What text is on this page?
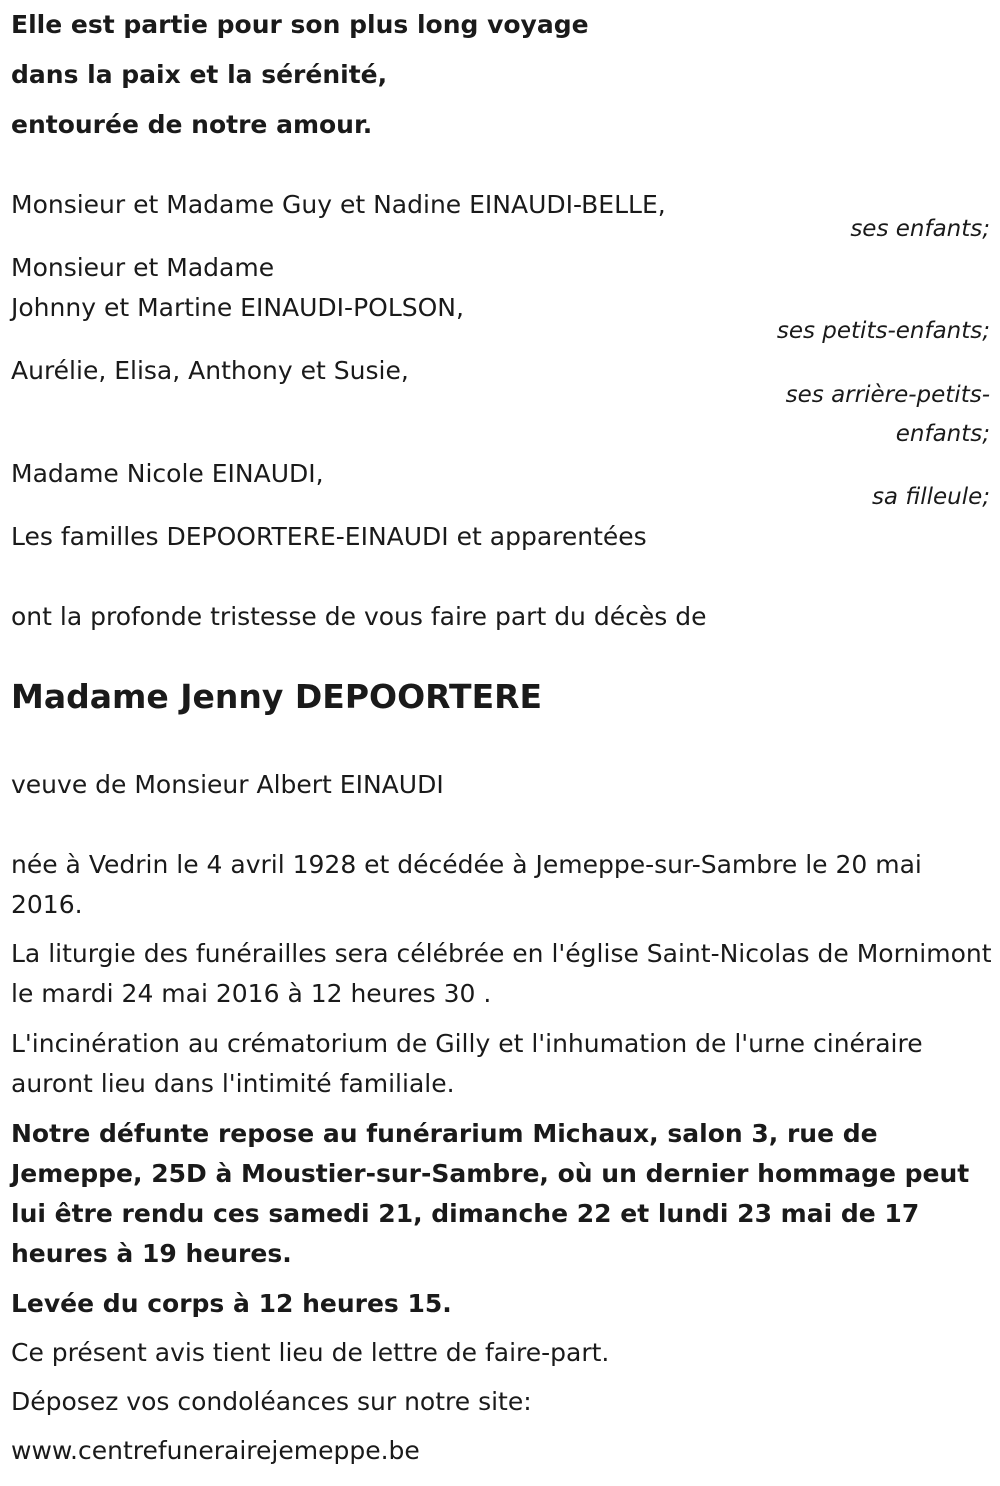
Elle est partie pour son plus long voyage
dans la paix et la sérénité,
entourée de notre amour.
Monsieur et Madame Guy et Nadine EINAUDI-BELLE,
ses enfants;
Monsieur et Madame
Johnny et Martine EINAUDI-POLSON,
ses petits-enfants;
Aurélie, Elisa, Anthony et Susie,
ses arrière-petits-
enfants;
Madame Nicole EINAUDI,
sa filleule;
Les familles DEPOORTERE-EINAUDI et apparentées
ont la profonde tristesse de vous faire part du décès de
Madame Jenny DEPOORTERE
veuve de Monsieur Albert EINAUDI

née à Vedrin le 4 avril 1928 et décédée à Jemeppe-sur-Sambre le 20 mai 2016.

La liturgie des funérailles sera célébrée en l'église Saint-Nicolas de Mornimont le mardi 24 mai 2016 à 12 heures 30 .

L'incinération au crématorium de Gilly et l'inhumation de l'urne cinéraire auront lieu dans l'intimité familiale.

Notre défunte repose au funérarium Michaux, salon 3, rue de Jemeppe, 25D à Moustier-sur-Sambre, où un dernier hommage peut lui être rendu ces samedi 21, dimanche 22 et lundi 23 mai de 17 heures à 19 heures.

Levée du corps à 12 heures 15.
Ce présent avis tient lieu de lettre de faire-part.
Déposez vos condoléances sur notre site:
www.centrefunerairejemeppe.be
